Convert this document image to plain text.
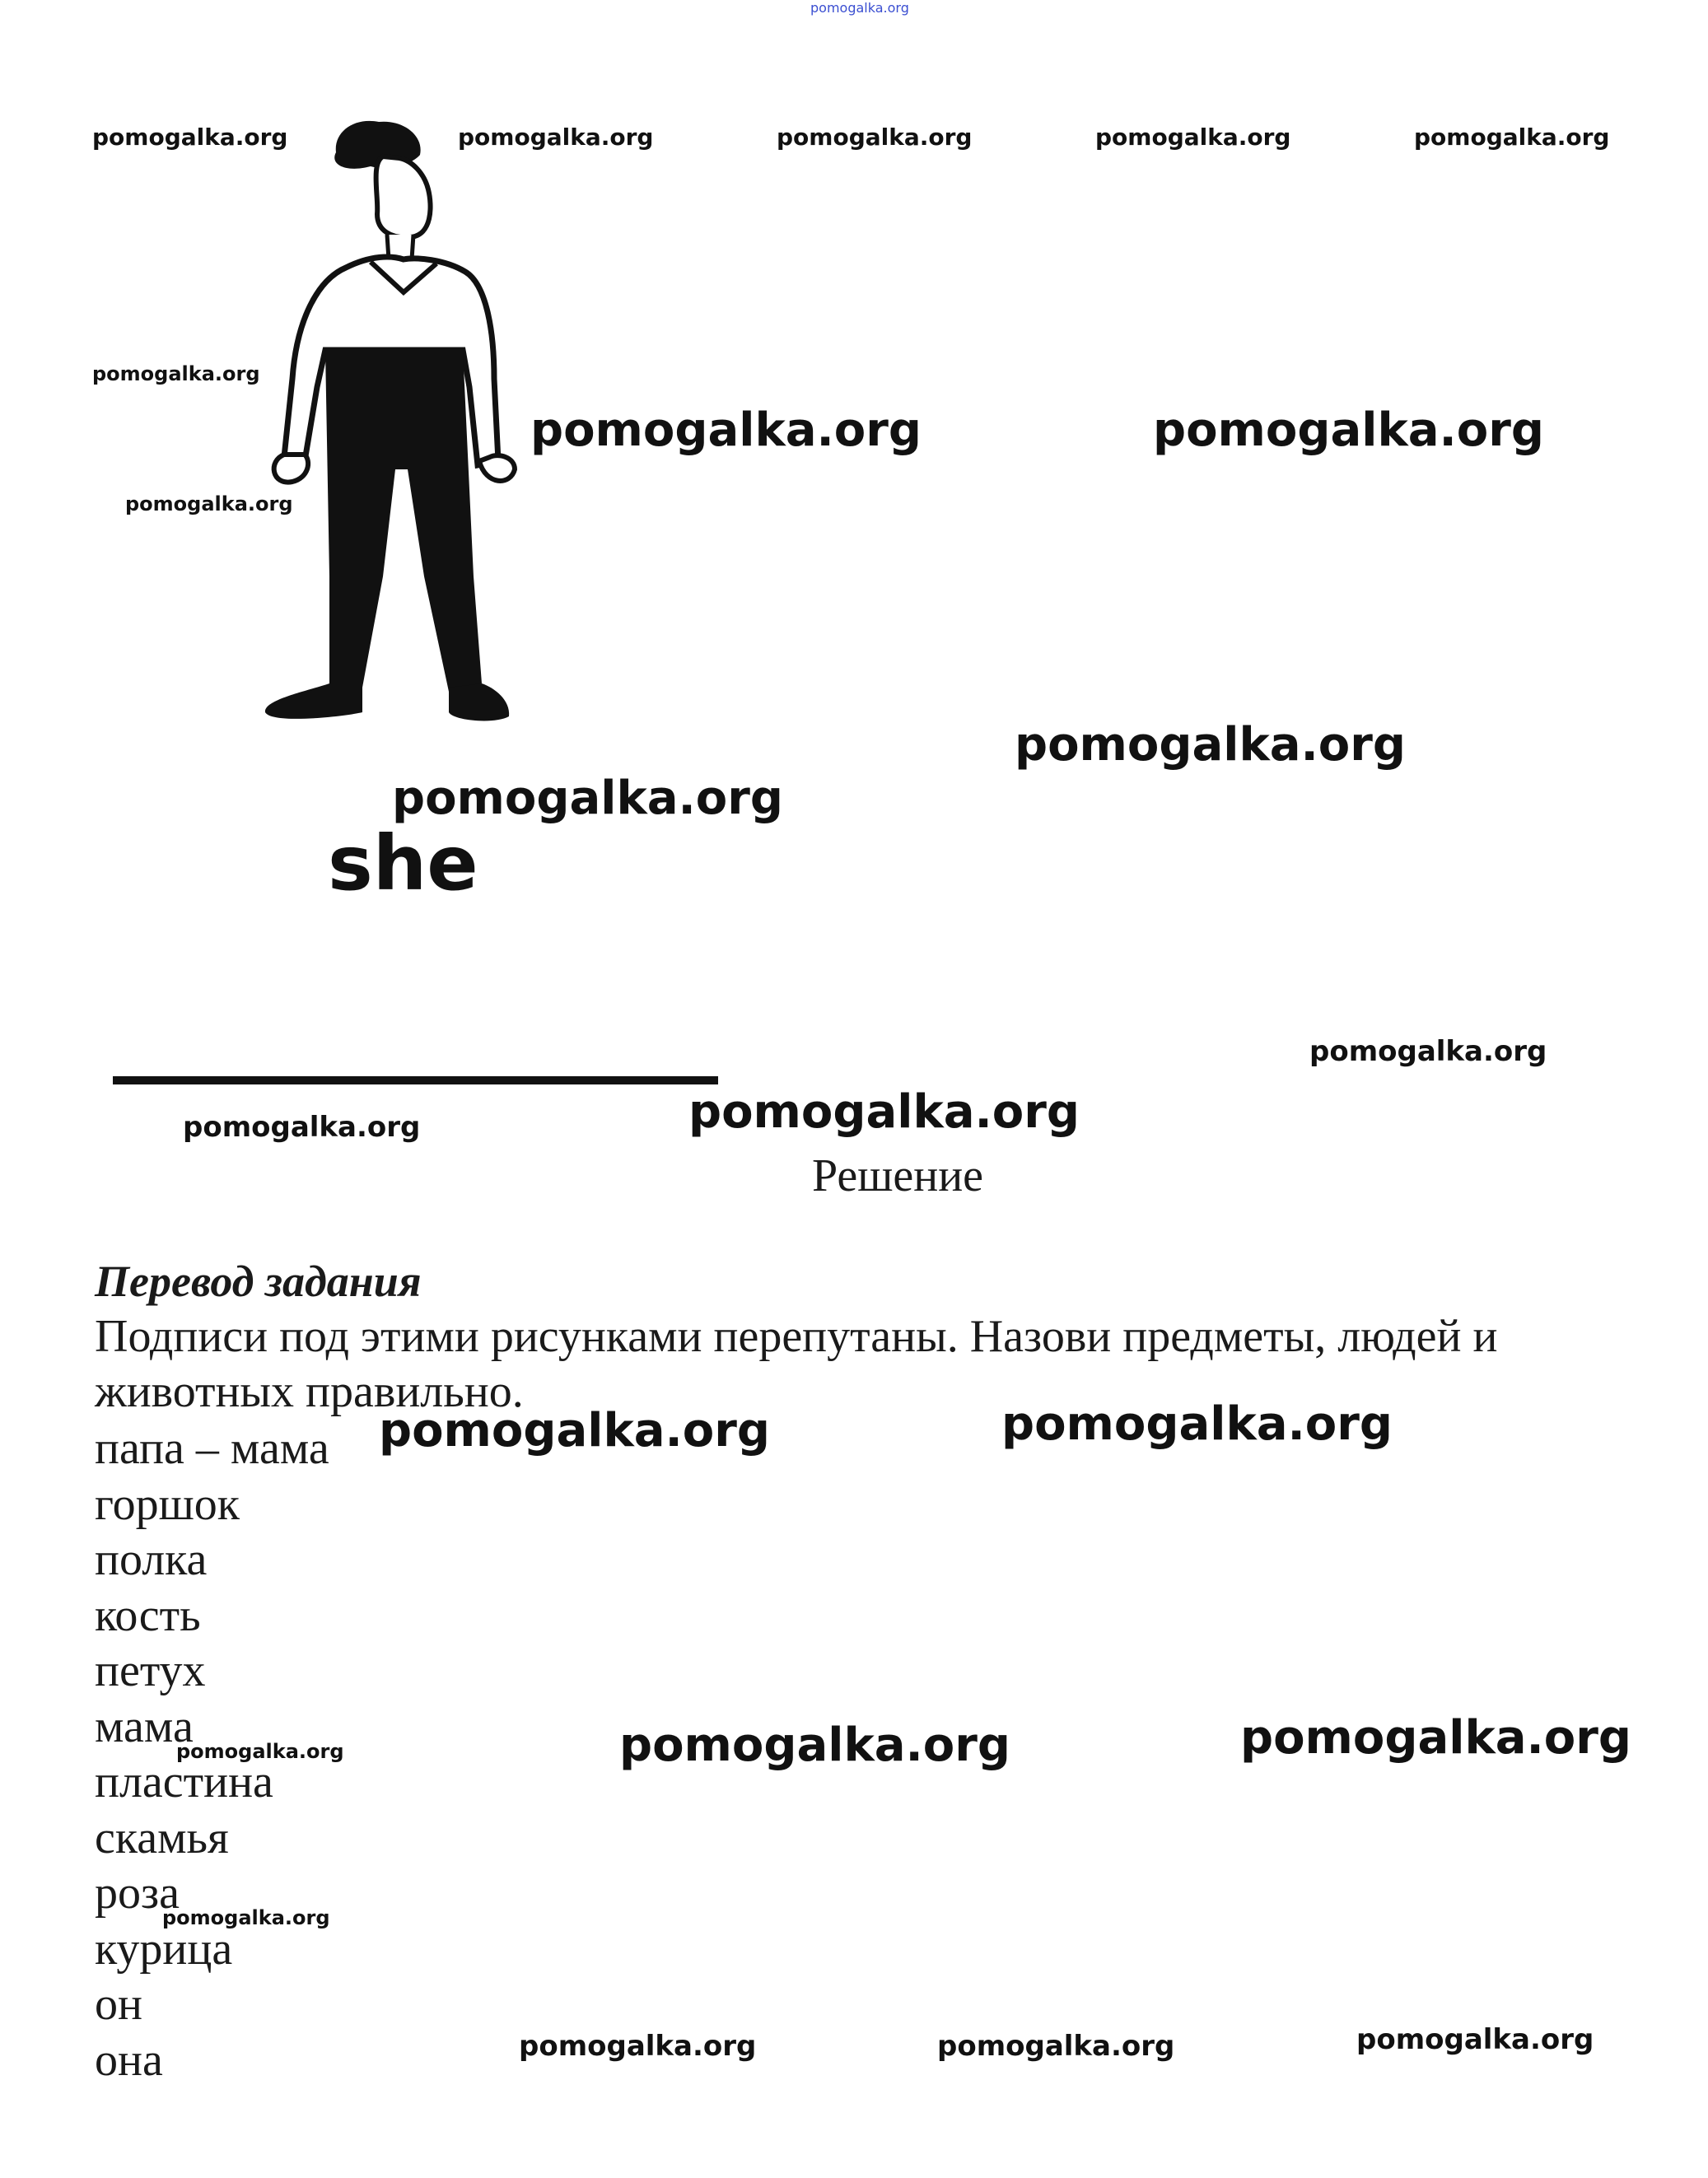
pomogalka.org
pomogalka.org	pomogalka.org	pomogalka.org	pomogalka.org	pomogalka.org
pomogalka.org
pomogalka.org	pomogalka.org
pomogalka.org
pomogalka.org
pomogalka.org
she
pomogalka.org
pomogalka.org	pomogalka.org
Решение
Перевод задания
Подписи под этими рисунками перепутаны. Назови предметы, людей и животных правильно.
папа – мама
горшок
полка
кость
петух
мама
пластина
скамья
роза
курица
он
она
pomogalka.org	pomogalka.org
pomogalka.org	pomogalka.org	pomogalka.org
pomogalka.org
pomogalka.org	pomogalka.org	pomogalka.org
